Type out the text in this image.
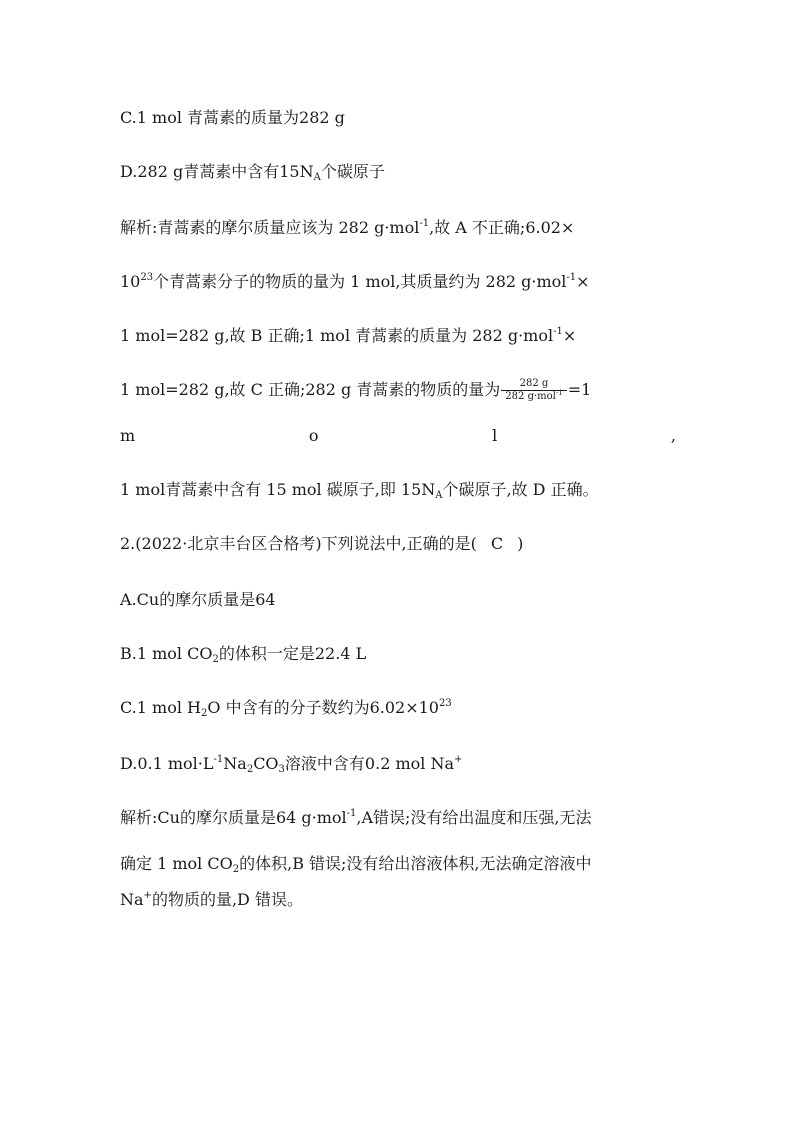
C.1 mol 青蒿素的质量为282 g
D.282 g青蒿素中含有$15N_A$个碳原子
解析:青蒿素的摩尔质量应该为 282 g·mol$^{-1}$,故 A 不正确;6.02×
$10^{23}$个青蒿素分子的物质的量为 1 mol,其质量约为 282 g·mol$^{-1}$×
1 mol=282 g,故 B 正确;1 mol 青蒿素的质量为 282 g·mol$^{-1}$×
1 mol=282 g,故 C 正确;282 g 青蒿素的物质的量为 $\frac{282 g}{282 g\cdot mol^{-1}} =1$
m	o	l	,
1 mol青蒿素中含有 15 mol 碳原子,即 $15N_A$个碳原子,故 D 正确。
2.(2022·北京丰台区合格考)下列说法中,正确的是( C )
A.Cu的摩尔质量是64
B.1 mol $CO_2$的体积一定是22.4 L
C.1 mol $H_2O$ 中含有的分子数约为$6.02\times 10^{23}$
D.0.1 $mol\cdot L^{-1}Na_2CO_3$溶液中含有0.2 mol Na+
解析:Cu的摩尔质量是64 g·mol$^{-1}$,A错误;没有给出温度和压强,无法
确定 1 mol $CO_2$的体积,B 错误;没有给出溶液体积,无法确定溶液中
Na+的物质的量,D 错误。
